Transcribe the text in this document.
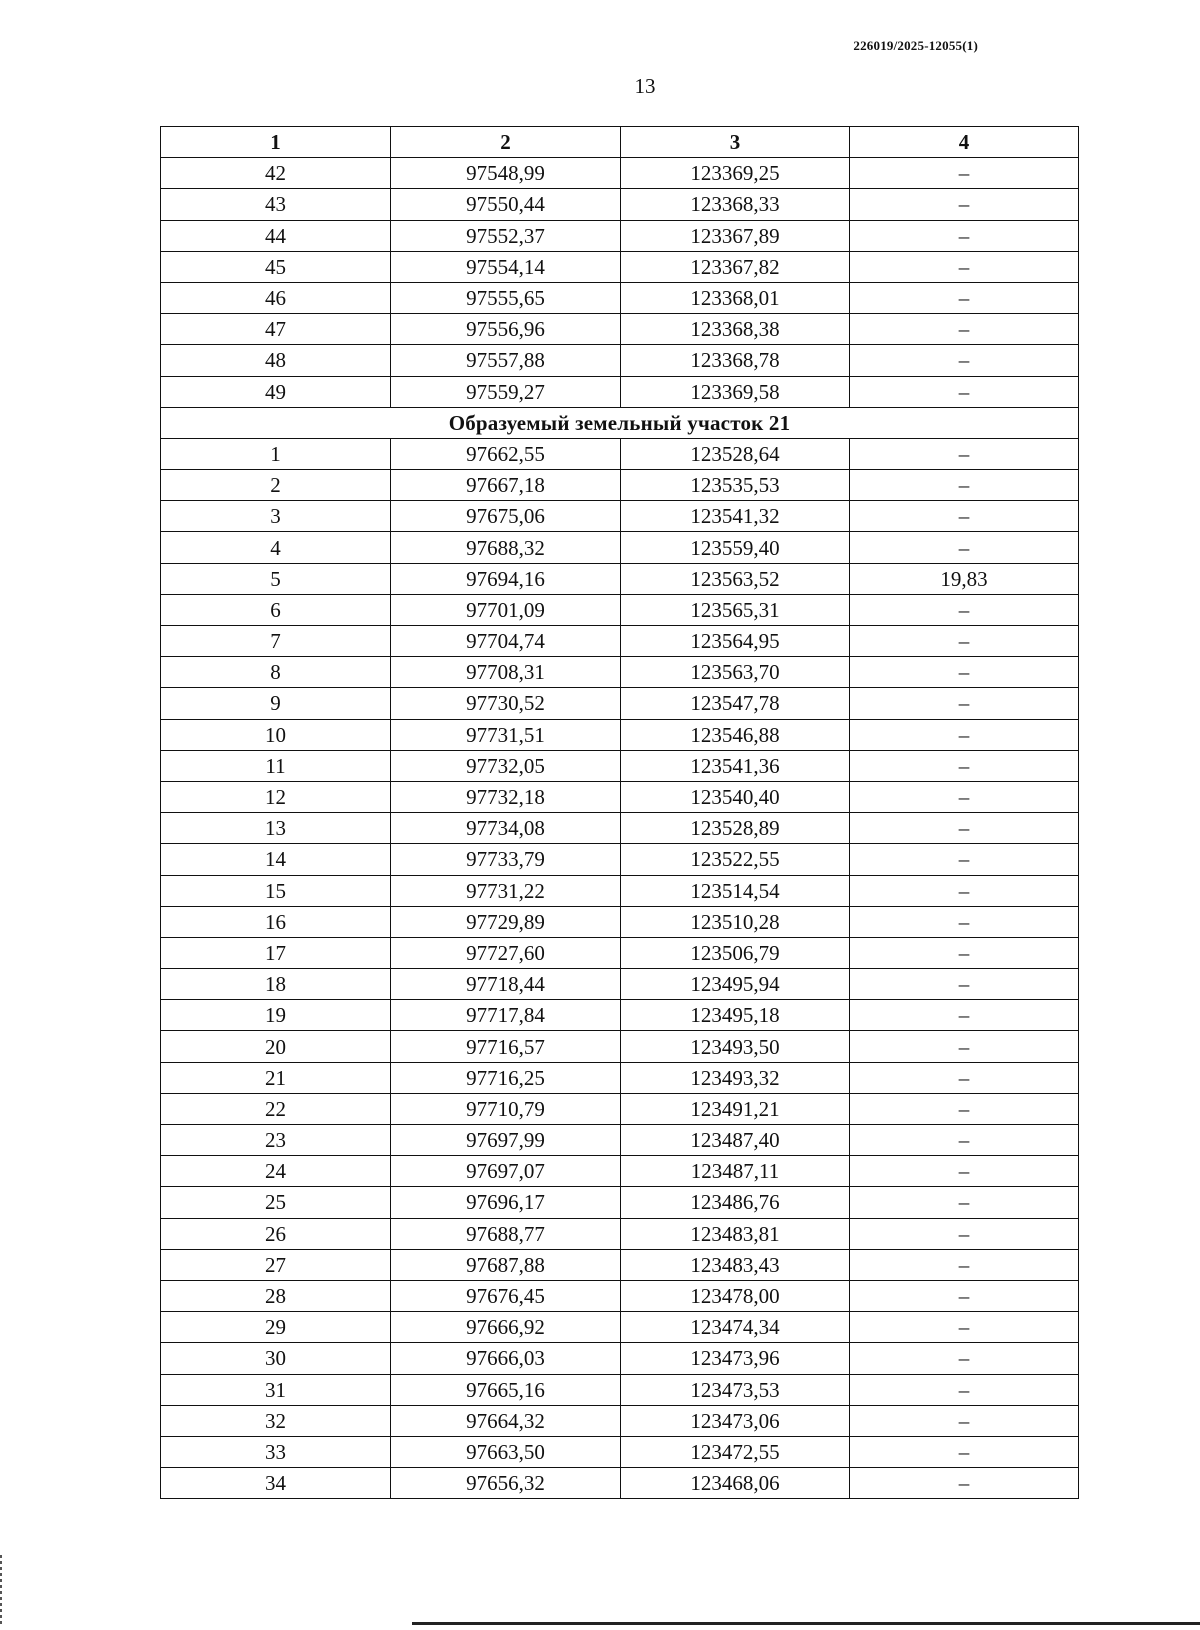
226019/2025-12055(1)
13
1	2	3	4
42	97548,99	123369,25	–
43	97550,44	123368,33	–
44	97552,37	123367,89	–
45	97554,14	123367,82	–
46	97555,65	123368,01	–
47	97556,96	123368,38	–
48	97557,88	123368,78	–
49	97559,27	123369,58	–
Образуемый земельный участок 21			
1	97662,55	123528,64	–
2	97667,18	123535,53	–
3	97675,06	123541,32	–
4	97688,32	123559,40	–
5	97694,16	123563,52	19,83
6	97701,09	123565,31	–
7	97704,74	123564,95	–
8	97708,31	123563,70	–
9	97730,52	123547,78	–
10	97731,51	123546,88	–
11	97732,05	123541,36	–
12	97732,18	123540,40	–
13	97734,08	123528,89	–
14	97733,79	123522,55	–
15	97731,22	123514,54	–
16	97729,89	123510,28	–
17	97727,60	123506,79	–
18	97718,44	123495,94	–
19	97717,84	123495,18	–
20	97716,57	123493,50	–
21	97716,25	123493,32	–
22	97710,79	123491,21	–
23	97697,99	123487,40	–
24	97697,07	123487,11	–
25	97696,17	123486,76	–
26	97688,77	123483,81	–
27	97687,88	123483,43	–
28	97676,45	123478,00	–
29	97666,92	123474,34	–
30	97666,03	123473,96	–
31	97665,16	123473,53	–
32	97664,32	123473,06	–
33	97663,50	123472,55	–
34	97656,32	123468,06	–
